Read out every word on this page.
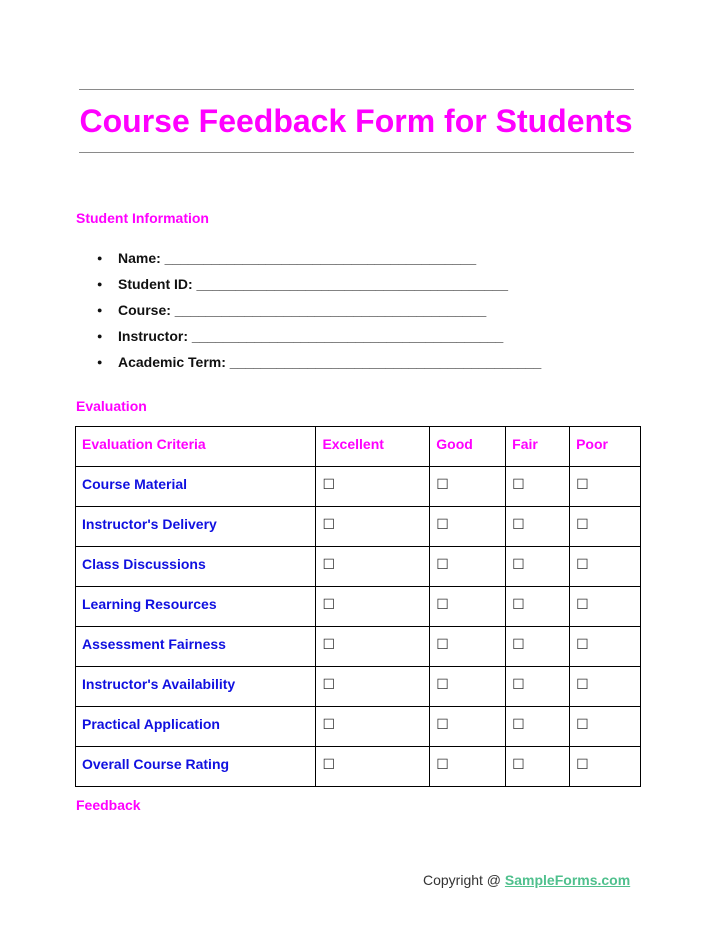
Course Feedback Form for Students
Student Information
● Name: ________________________________________
● Student ID: ________________________________________
● Course: ________________________________________
● Instructor: ________________________________________
● Academic Term: ________________________________________
Evaluation
Evaluation Criteria	Excellent	Good	Fair	Poor
Course Material	☐	☐	☐	☐
Instructor's Delivery	☐	☐	☐	☐
Class Discussions	☐	☐	☐	☐
Learning Resources	☐	☐	☐	☐
Assessment Fairness	☐	☐	☐	☐
Instructor's Availability	☐	☐	☐	☐
Practical Application	☐	☐	☐	☐
Overall Course Rating	☐	☐	☐	☐
Feedback
Copyright @ SampleForms.com
